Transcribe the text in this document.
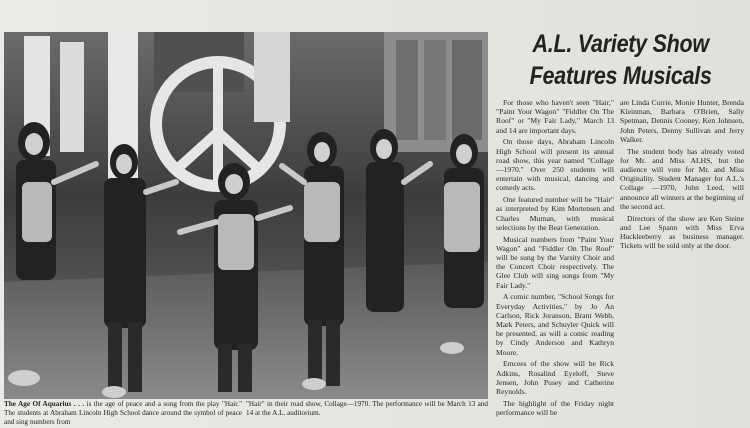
The Age Of Aquarius . . . is the age of peace and a song from the play "Hair." The students at Abraham Lincoln High School dance around the symbol of peace and sing numbers from
"Hair" in their road show, Collage—1970. The performance will be March 13 and 14 at the A.L. auditorium.
A.L. Variety Show
Features Musicals

For those who haven't seen "Hair," "Paint Your Wagon" "Fiddler On The Roof" or "My Fair Lady," March 13 and 14 are important days.

On those days, Abraham Lincoln High School will present its annual road show, this year named "Collage—1970." Over 250 students will entertain with musical, dancing and comedy acts.

One featured number will be "Hair" as interpreted by Kim Mortensen and Charles Murnan, with musical selections by the Beat Generation.

Musical numbers from "Paint Your Wagon" and "Fiddler On The Roof" will be sung by the Varsity Choir and the Concert Choir respectively. The Glee Club will sing songs from "My Fair Lady."

A comic number, "School Songs for Everyday Activities," by Jo An Carlson, Rick Joranson, Brant Webb, Mark Peters, and Schuyler Quick will be presented, as will a comic reading by Cindy Anderson and Kathryn Moore.

Emcees of the show will be Rick Adkins, Rosalind Eyeloff, Steve Jensen, John Pusey and Catherine Reynolds.

The highlight of the Friday night performance will be

are Linda Currie, Monie Hunter, Brenda Kleinman, Barbara O'Brien, Sally Spetman, Dennis Cooney, Ken Johnsen, John Peters, Denny Sullivan and Jerry Walker.

The student body has already voted for Mr. and Miss ALHS, but the audience will vote for Mr. and Miss Originality. Student Manager for A.L.'s Collage —1970, John Leed, will announce all winners at the beginning of the second act.

Directors of the show are Ken Steine and Lee Spann with Miss Erva Huckleeberry as business manager. Tickets will be sold only at the door.
